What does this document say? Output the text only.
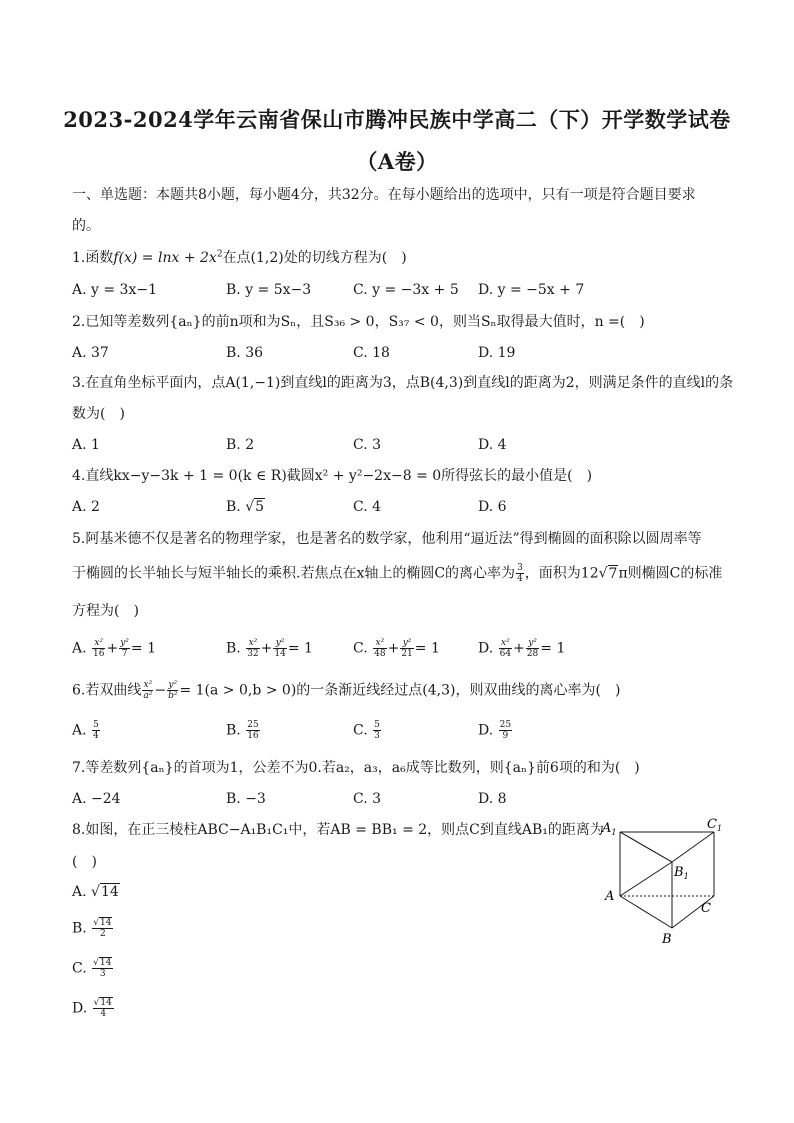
2023-2024学年云南省保山市腾冲民族中学高二（下）开学数学试卷
（A卷）
一、单选题：本题共8小题，每小题4分，共32分。在每小题给出的选项中，只有一项是符合题目要求
的。
1.函数$f(x) = \ln x + 2x^2$在点(1,2)处的切线方程为(　)
A. y = 3x−1	B. y = 5x−3	C. y = −3x + 5 D. y = −5x + 7
2.已知等差数列{aₙ}的前n项和为Sₙ，且S₃₆ > 0，S₃₇ < 0，则当Sₙ取得最大值时，n =(　)
A. 37	B. 36	C. 18	D. 19
3.在直角坐标平面内，点A(1,−1)到直线l的距离为3，点B(4,3)到直线l的距离为2，则满足条件的直线l的条
数为(　)
A. 1	B. 2	C. 3	D. 4
4.直线kx−y−3k + 1 = 0(k ∈ R)截圆x² + y²−2x−8 = 0所得弦长的最小值是(　)
A. 2	B. √5	C. 4	D. 6
5.阿基米德不仅是著名的物理学家，也是著名的数学家，他利用“逼近法”得到椭圆的面积除以圆周率等
于椭圆的长半轴长与短半轴长的乘积.若焦点在x轴上的椭圆C的离心率为 $\frac{3}{4}$ ，面积为12√7π则椭圆C的标准
方程为(　)
A. $\frac{\text{x²}}{16} + \frac{\text{y²}}{7} = 1$	B. $\frac{\text{x²}}{32} + \frac{\text{y²}}{14} = 1$	C. $\frac{\text{x²}}{48} + \frac{\text{y²}}{21} = 1$	D. $\frac{\text{x²}}{64} + \frac{\text{y²}}{28} = 1$
6.若双曲线 $\frac{\text{x²}}{\text{a²}} - \frac{\text{y²}}{\text{b²}} = 1(a > 0,b > 0)$的一条渐近线经过点(4,3)，则双曲线的离心率为(　)
A. $\frac{5}{4}$	B. $\frac{25}{16}$	C. $\frac{5}{3}$	D. $\frac{25}{9}$
7.等差数列{aₙ}的首项为1，公差不为0.若a₂，a₃，a₆成等比数列，则{aₙ}前6项的和为(　)
A. −24	B. −3	C. 3	D. 8
8.如图，在正三棱柱ABC−A₁B₁C₁中，若AB = BB₁ = 2，则点C到直线AB₁的距离为
(　)
A. √14
B. $\frac{√14}{2}$
C. $\frac{√14}{3}$
D. $\frac{√14}{4}$
$A_1$
$C_1$
$B_1$
A
C
B
